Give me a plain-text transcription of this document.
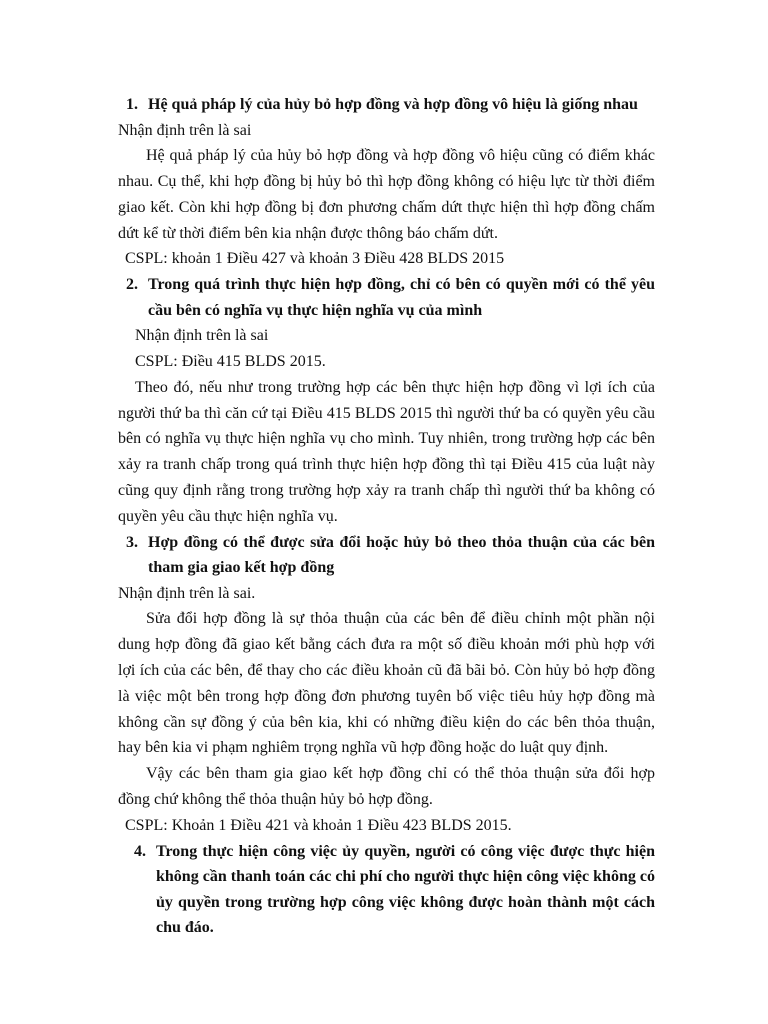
1. Hệ quả pháp lý của hủy bỏ hợp đồng và hợp đồng vô hiệu là giống nhau

Nhận định trên là sai

Hệ quả pháp lý của hủy bỏ hợp đồng và hợp đồng vô hiệu cũng có điểm khác nhau. Cụ thể, khi hợp đồng bị hủy bỏ thì hợp đồng không có hiệu lực từ thời điểm giao kết. Còn khi hợp đồng bị đơn phương chấm dứt thực hiện thì hợp đồng chấm dứt kể từ thời điểm bên kia nhận được thông báo chấm dứt.

CSPL: khoản 1 Điều 427 và khoản 3 Điều 428 BLDS 2015

2. Trong quá trình thực hiện hợp đồng, chỉ có bên có quyền mới có thể yêu cầu bên có nghĩa vụ thực hiện nghĩa vụ của mình

Nhận định trên là sai

CSPL: Điều 415 BLDS 2015.

Theo đó, nếu như trong trường hợp các bên thực hiện hợp đồng vì lợi ích của người thứ ba thì căn cứ tại Điều 415 BLDS 2015 thì người thứ ba có quyền yêu cầu bên có nghĩa vụ thực hiện nghĩa vụ cho mình. Tuy nhiên, trong trường hợp các bên xảy ra tranh chấp trong quá trình thực hiện hợp đồng thì tại Điều 415 của luật này cũng quy định rằng trong trường hợp xảy ra tranh chấp thì người thứ ba không có quyền yêu cầu thực hiện nghĩa vụ.

3. Hợp đồng có thể được sửa đổi hoặc hủy bỏ theo thỏa thuận của các bên tham gia giao kết hợp đồng

Nhận định trên là sai.

Sửa đổi hợp đồng là sự thỏa thuận của các bên để điều chỉnh một phần nội dung hợp đồng đã giao kết bằng cách đưa ra một số điều khoản mới phù hợp với lợi ích của các bên, để thay cho các điều khoản cũ đã bãi bỏ. Còn hủy bỏ hợp đồng là việc một bên trong hợp đồng đơn phương tuyên bố việc tiêu hủy hợp đồng mà không cần sự đồng ý của bên kia, khi có những điều kiện do các bên thỏa thuận, hay bên kia vi phạm nghiêm trọng nghĩa vũ hợp đồng hoặc do luật quy định.

Vậy các bên tham gia giao kết hợp đồng chỉ có thể thỏa thuận sửa đổi hợp đồng chứ không thể thỏa thuận hủy bỏ hợp đồng.

CSPL: Khoản 1 Điều 421 và khoản 1 Điều 423 BLDS 2015.

4. Trong thực hiện công việc ủy quyền, người có công việc được thực hiện không cần thanh toán các chi phí cho người thực hiện công việc không có ủy quyền trong trường hợp công việc không được hoàn thành một cách chu đáo.
